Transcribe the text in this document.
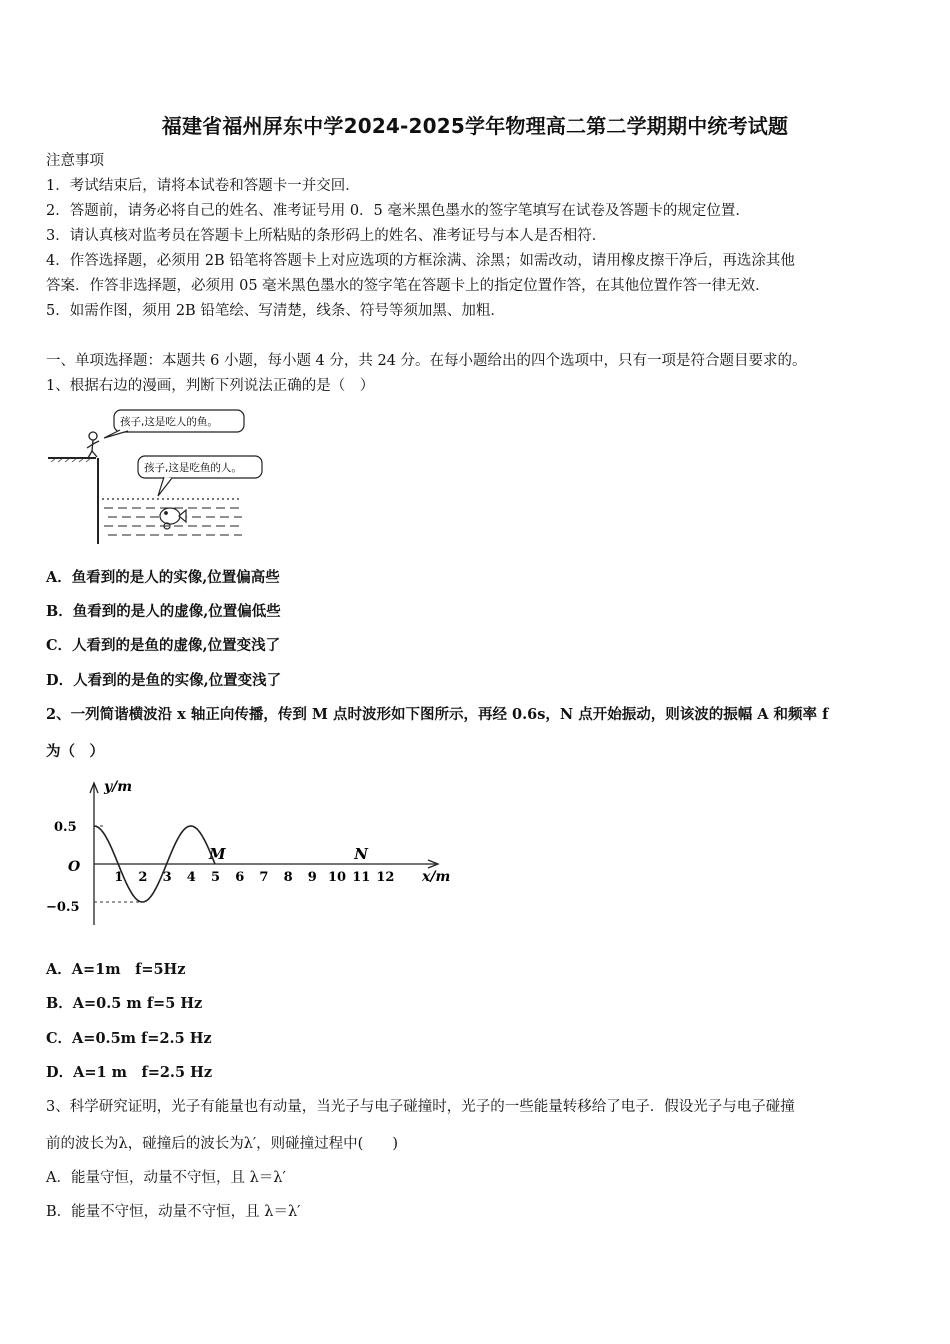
福建省福州屏东中学2024-2025学年物理高二第二学期期中统考试题
注意事项
1．考试结束后，请将本试卷和答题卡一并交回．
2．答题前，请务必将自己的姓名、准考证号用 0．5 毫米黑色墨水的签字笔填写在试卷及答题卡的规定位置．
3．请认真核对监考员在答题卡上所粘贴的条形码上的姓名、准考证号与本人是否相符．
4．作答选择题，必须用 2B 铅笔将答题卡上对应选项的方框涂满、涂黑；如需改动，请用橡皮擦干净后，再选涂其他
答案．作答非选择题，必须用 05 毫米黑色墨水的签字笔在答题卡上的指定位置作答，在其他位置作答一律无效．
5．如需作图，须用 2B 铅笔绘、写清楚，线条、符号等须加黑、加粗．
一、单项选择题：本题共 6 小题，每小题 4 分，共 24 分。在每小题给出的四个选项中，只有一项是符合题目要求的。
1、根据右边的漫画，判断下列说法正确的是（　）
孩子,这是吃人的鱼。
孩子,这是吃鱼的人。
A．鱼看到的是人的实像,位置偏高些
B．鱼看到的是人的虚像,位置偏低些
C．人看到的是鱼的虚像,位置变浅了
D．人看到的是鱼的实像,位置变浅了
2、一列简谐横波沿 x 轴正向传播，传到 M 点时波形如下图所示，再经 0.6s，N 点开始振动，则该波的振幅 A 和频率 f
为（　）
y/m
x/m
O
0.5
−0.5
1 2 3 4 5 6 7 8 9 10 11 12
M	N
A．A=1m　f=5Hz
B．A=0.5 m f=5 Hz
C．A=0.5m f=2.5 Hz
D．A=1 m　f=2.5 Hz
3、科学研究证明，光子有能量也有动量，当光子与电子碰撞时，光子的一些能量转移给了电子．假设光子与电子碰撞
前的波长为λ，碰撞后的波长为λ′，则碰撞过程中(　　)
A．能量守恒，动量不守恒，且 λ＝λ′
B．能量不守恒，动量不守恒，且 λ＝λ′
